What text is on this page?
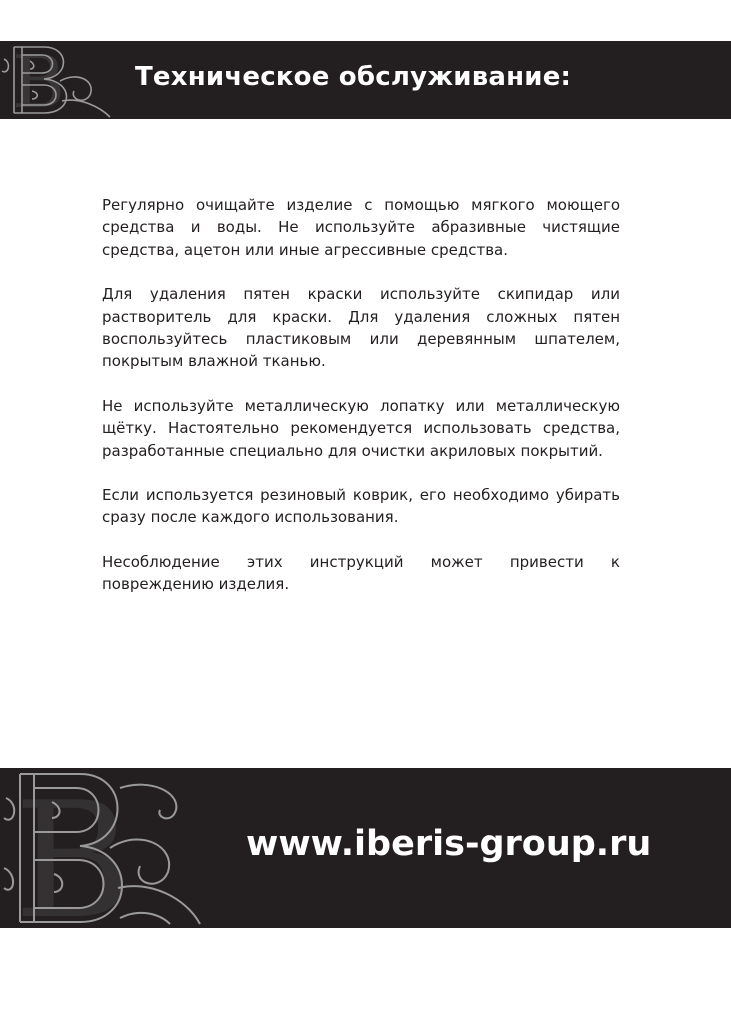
B	Техническое обслуживание:

Регулярно очищайте изделие с помощью мягкого моющего средства и воды. Не используйте абразивные чистящие средства, ацетон или иные агрессивные средства.

Для удаления пятен краски используйте скипидар или растворитель для краски. Для удаления сложных пятен воспользуйтесь пластиковым или деревянным шпателем, покрытым влажной тканью.

Не используйте металлическую лопатку или металлическую щётку. Настоятельно рекомендуется использовать средства, разработанные специально для очистки акриловых покрытий.

Если используется резиновый коврик, его необходимо убирать сразу после каждого использования.

Несоблюдение этих инструкций может привести к повреждению изделия.

B	www.iberis-group.ru
